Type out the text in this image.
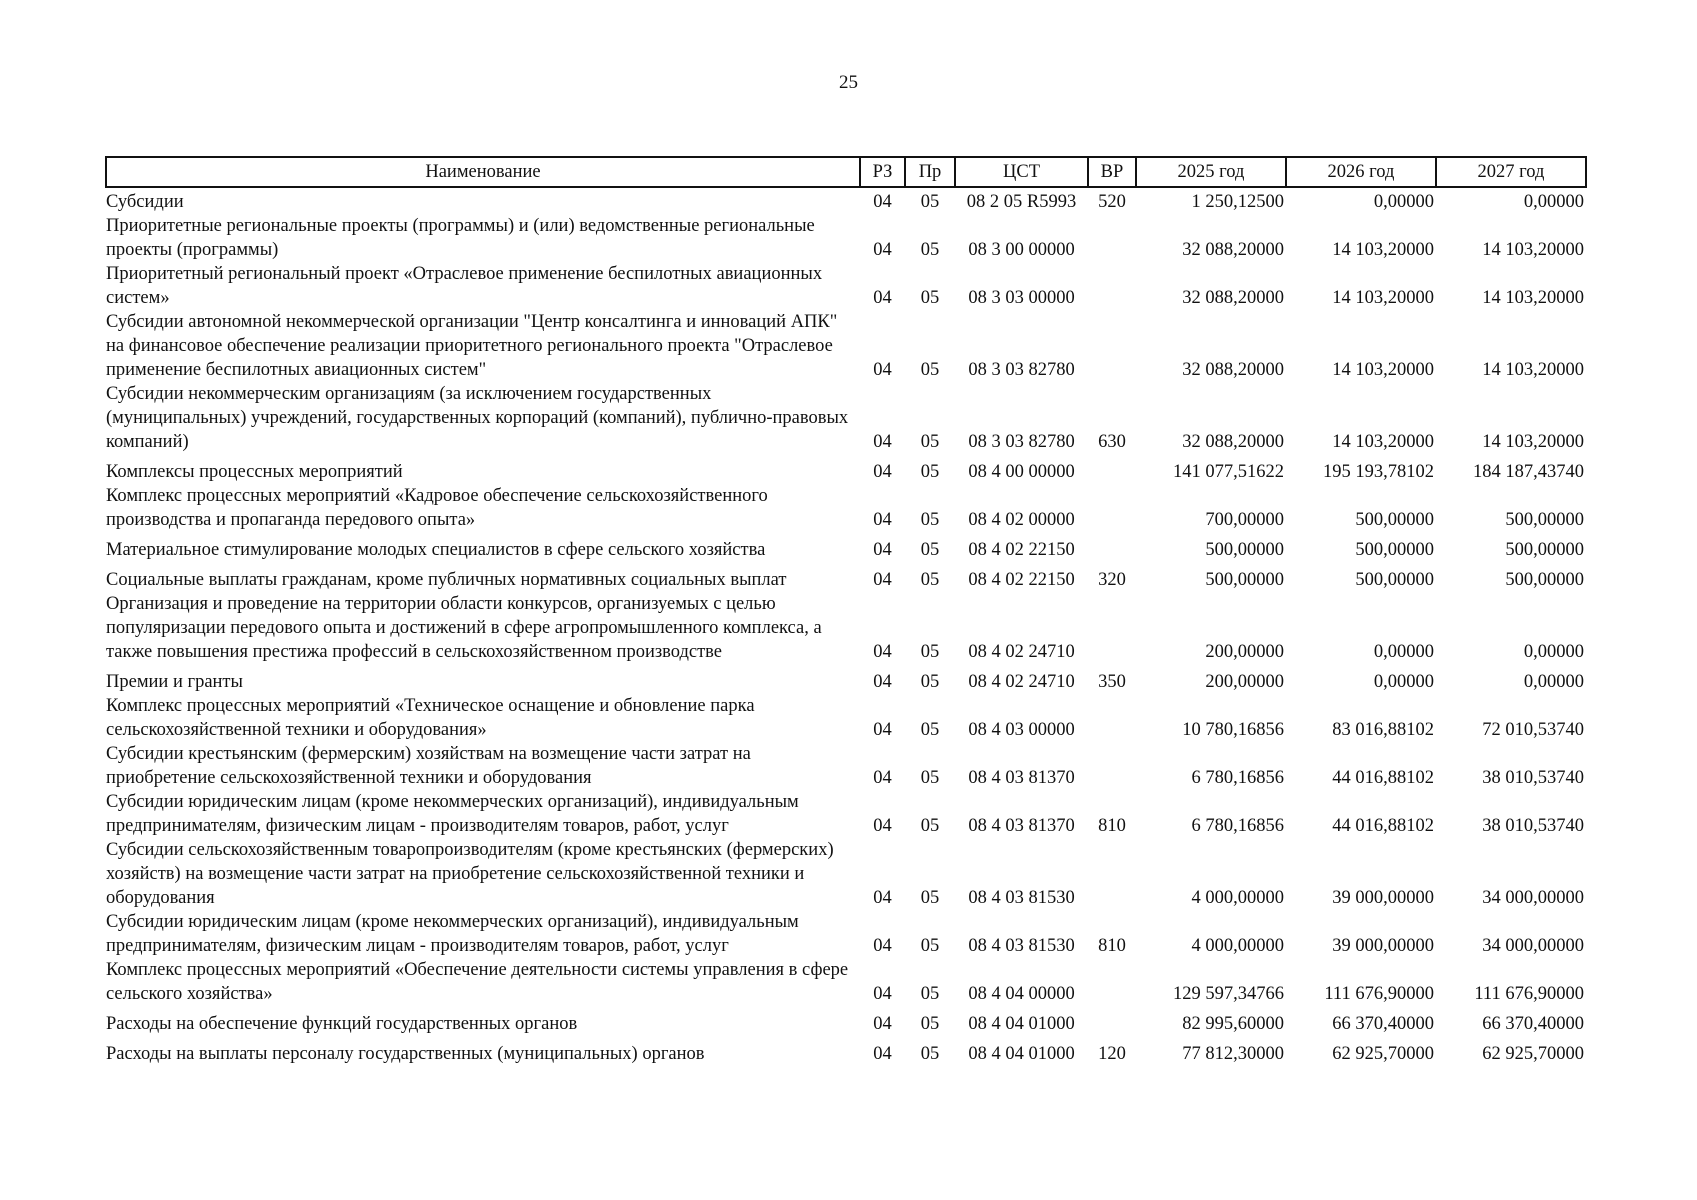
25
Наименование	РЗ	Пр	ЦСТ	ВР	2025 год	2026 год	2027 год
Субсидии	04	05	08 2 05 R5993	520	1 250,12500	0,00000	0,00000
Приоритетные региональные проекты (программы) и (или) ведомственные региональные проекты (программы)	04	05	08 3 00 00000		32 088,20000	14 103,20000	14 103,20000
Приоритетный региональный проект «Отраслевое применение беспилотных авиационных систем»	04	05	08 3 03 00000		32 088,20000	14 103,20000	14 103,20000
Субсидии автономной некоммерческой организации "Центр консалтинга и инноваций АПК" на финансовое обеспечение реализации приоритетного регионального проекта "Отраслевое применение беспилотных авиационных систем"	04	05	08 3 03 82780		32 088,20000	14 103,20000	14 103,20000
Субсидии некоммерческим организациям (за исключением государственных (муниципальных) учреждений, государственных корпораций (компаний), публично-правовых компаний)	04	05	08 3 03 82780	630	32 088,20000	14 103,20000	14 103,20000
Комплексы процессных мероприятий	04	05	08 4 00 00000		141 077,51622	195 193,78102	184 187,43740
Комплекс процессных мероприятий «Кадровое обеспечение сельскохозяйственного производства и пропаганда передового опыта»	04	05	08 4 02 00000		700,00000	500,00000	500,00000
Материальное стимулирование молодых специалистов в сфере сельского хозяйства	04	05	08 4 02 22150		500,00000	500,00000	500,00000
Социальные выплаты гражданам, кроме публичных нормативных социальных выплат	04	05	08 4 02 22150	320	500,00000	500,00000	500,00000
Организация и проведение на территории области конкурсов, организуемых с целью популяризации передового опыта и достижений в сфере агропромышленного комплекса, а также повышения престижа профессий в сельскохозяйственном производстве	04	05	08 4 02 24710		200,00000	0,00000	0,00000
Премии и гранты	04	05	08 4 02 24710	350	200,00000	0,00000	0,00000
Комплекс процессных мероприятий «Техническое оснащение и обновление парка сельскохозяйственной техники и оборудования»	04	05	08 4 03 00000		10 780,16856	83 016,88102	72 010,53740
Субсидии крестьянским (фермерским) хозяйствам на возмещение части затрат на приобретение сельскохозяйственной техники и оборудования	04	05	08 4 03 81370		6 780,16856	44 016,88102	38 010,53740
Субсидии юридическим лицам (кроме некоммерческих организаций), индивидуальным предпринимателям, физическим лицам - производителям товаров, работ, услуг	04	05	08 4 03 81370	810	6 780,16856	44 016,88102	38 010,53740
Субсидии сельскохозяйственным товаропроизводителям (кроме крестьянских (фермерских) хозяйств) на возмещение части затрат на приобретение сельскохозяйственной техники и оборудования	04	05	08 4 03 81530		4 000,00000	39 000,00000	34 000,00000
Субсидии юридическим лицам (кроме некоммерческих организаций), индивидуальным предпринимателям, физическим лицам - производителям товаров, работ, услуг	04	05	08 4 03 81530	810	4 000,00000	39 000,00000	34 000,00000
Комплекс процессных мероприятий «Обеспечение деятельности системы управления в сфере сельского хозяйства»	04	05	08 4 04 00000		129 597,34766	111 676,90000	111 676,90000
Расходы на обеспечение функций государственных органов	04	05	08 4 04 01000		82 995,60000	66 370,40000	66 370,40000
Расходы на выплаты персоналу государственных (муниципальных) органов	04	05	08 4 04 01000	120	77 812,30000	62 925,70000	62 925,70000
